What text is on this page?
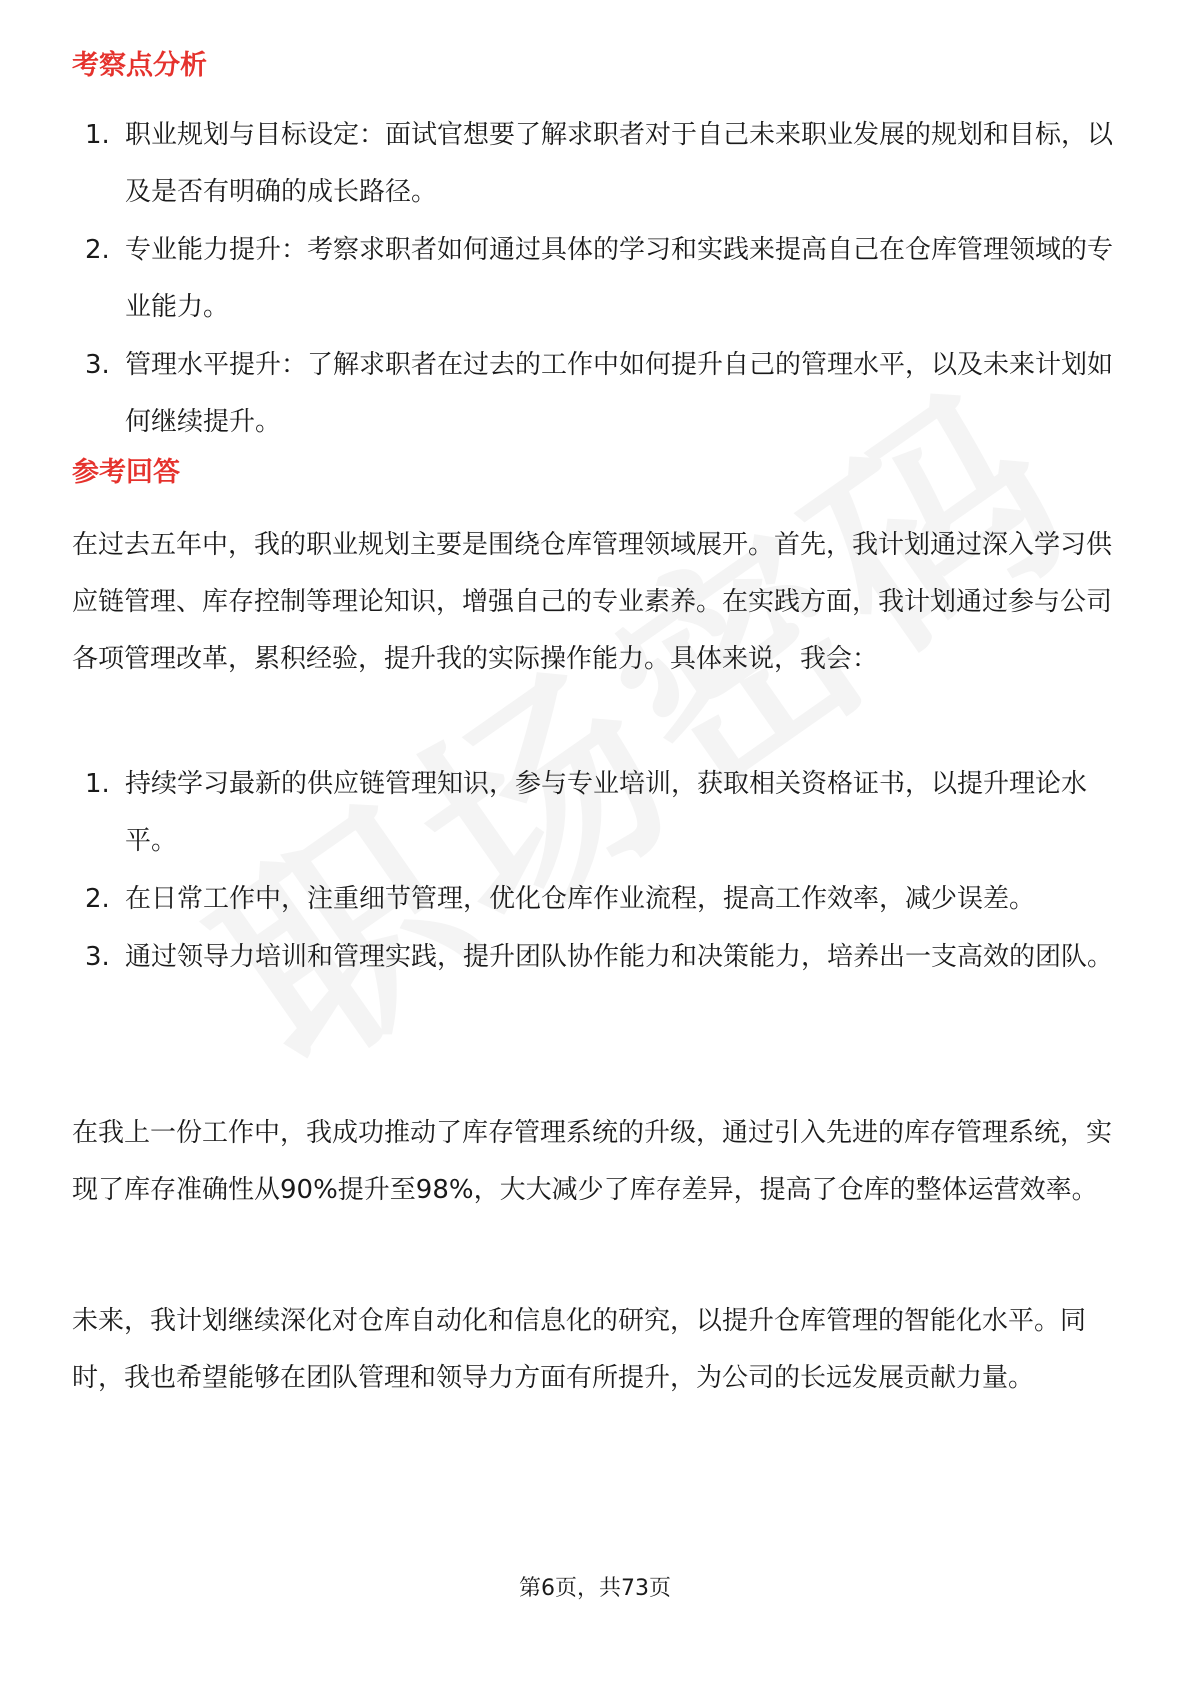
考察点分析
1. 职业规划与目标设定：面试官想要了解求职者对于自己未来职业发展的规划和目标，以及是否有明确的成长路径。
2. 专业能力提升：考察求职者如何通过具体的学习和实践来提高自己在仓库管理领域的专业能力。
3. 管理水平提升：了解求职者在过去的工作中如何提升自己的管理水平，以及未来计划如何继续提升。
参考回答

在过去五年中，我的职业规划主要是围绕仓库管理领域展开。首先，我计划通过深入学习供应链管理、库存控制等理论知识，增强自己的专业素养。在实践方面，我计划通过参与公司各项管理改革，累积经验，提升我的实际操作能力。具体来说，我会：

1. 持续学习最新的供应链管理知识，参与专业培训，获取相关资格证书，以提升理论水平。
2. 在日常工作中，注重细节管理，优化仓库作业流程，提高工作效率，减少误差。
3. 通过领导力培训和管理实践，提升团队协作能力和决策能力，培养出一支高效的团队。

在我上一份工作中，我成功推动了库存管理系统的升级，通过引入先进的库存管理系统，实现了库存准确性从90%提升至98%，大大减少了库存差异，提高了仓库的整体运营效率。

未来，我计划继续深化对仓库自动化和信息化的研究，以提升仓库管理的智能化水平。同时，我也希望能够在团队管理和领导力方面有所提升，为公司的长远发展贡献力量。

第6页，共73页
